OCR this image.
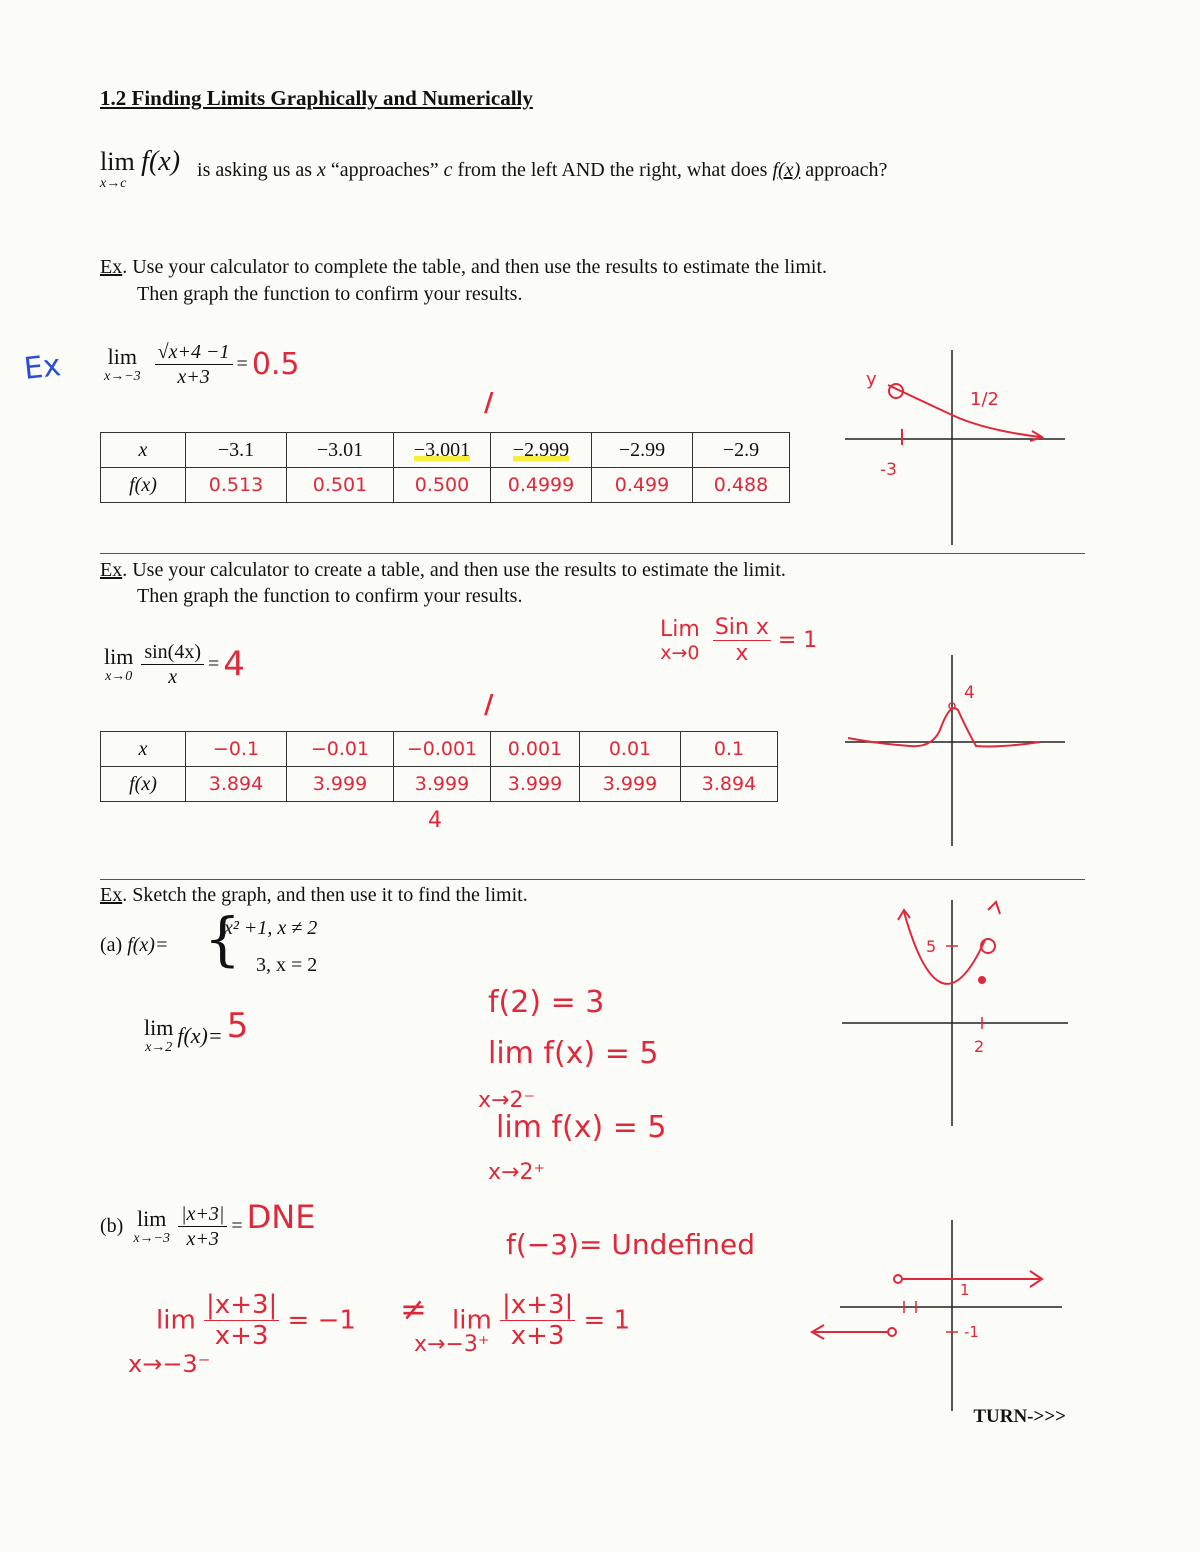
1.2 Finding Limits Graphically and Numerically
lim f(x)
x→c
is asking us as x “approaches” c from the left AND the right, what does f(x) approach?
Ex
Ex. Use your calculator to complete the table, and then use the results to estimate the limit.
Then graph the function to confirm your results.
lim
x→−3
$\frac{√x+4 -1}{x+3} = 0.5$
/
x	−3.1	−3.01	−3.001	−2.999	−2.99	−2.9
f(x)	0.513	0.501	0.500	0.4999	0.499	0.488
y
1/2
-3
Ex. Use your calculator to create a table, and then use the results to estimate the limit.
Then graph the function to confirm your results.
lim
x→0
$\frac{\sin(4x)}{x} = 4$
Lim
x→0

Sin x
x
= 1
/
x	−0.1	−0.01	−0.001	0.001	0.01	0.1
f(x)	3.894	3.999	3.999	3.999	3.999	3.894
4
4
Ex. Sketch the graph, and then use it to find the limit.
(a) f(x)= {
x² +1, x ≠ 2
3, x = 2
lim
x→2 f(x)= 5
f(2) = 3
lim f(x) = 5
x→2⁻
lim f(x) = 5
x→2⁺
5
2
(b) lim
x→−3
$\frac{|x+3|}{x+3}$ = DNE
f(−3)= Undefined
$\lim \frac{|x+3|}{x+3} = -1$
x→−3⁻
≠ $\lim \frac{|x+3|}{x+3} = 1$
x→−3⁺
1
-1
TURN->>>
